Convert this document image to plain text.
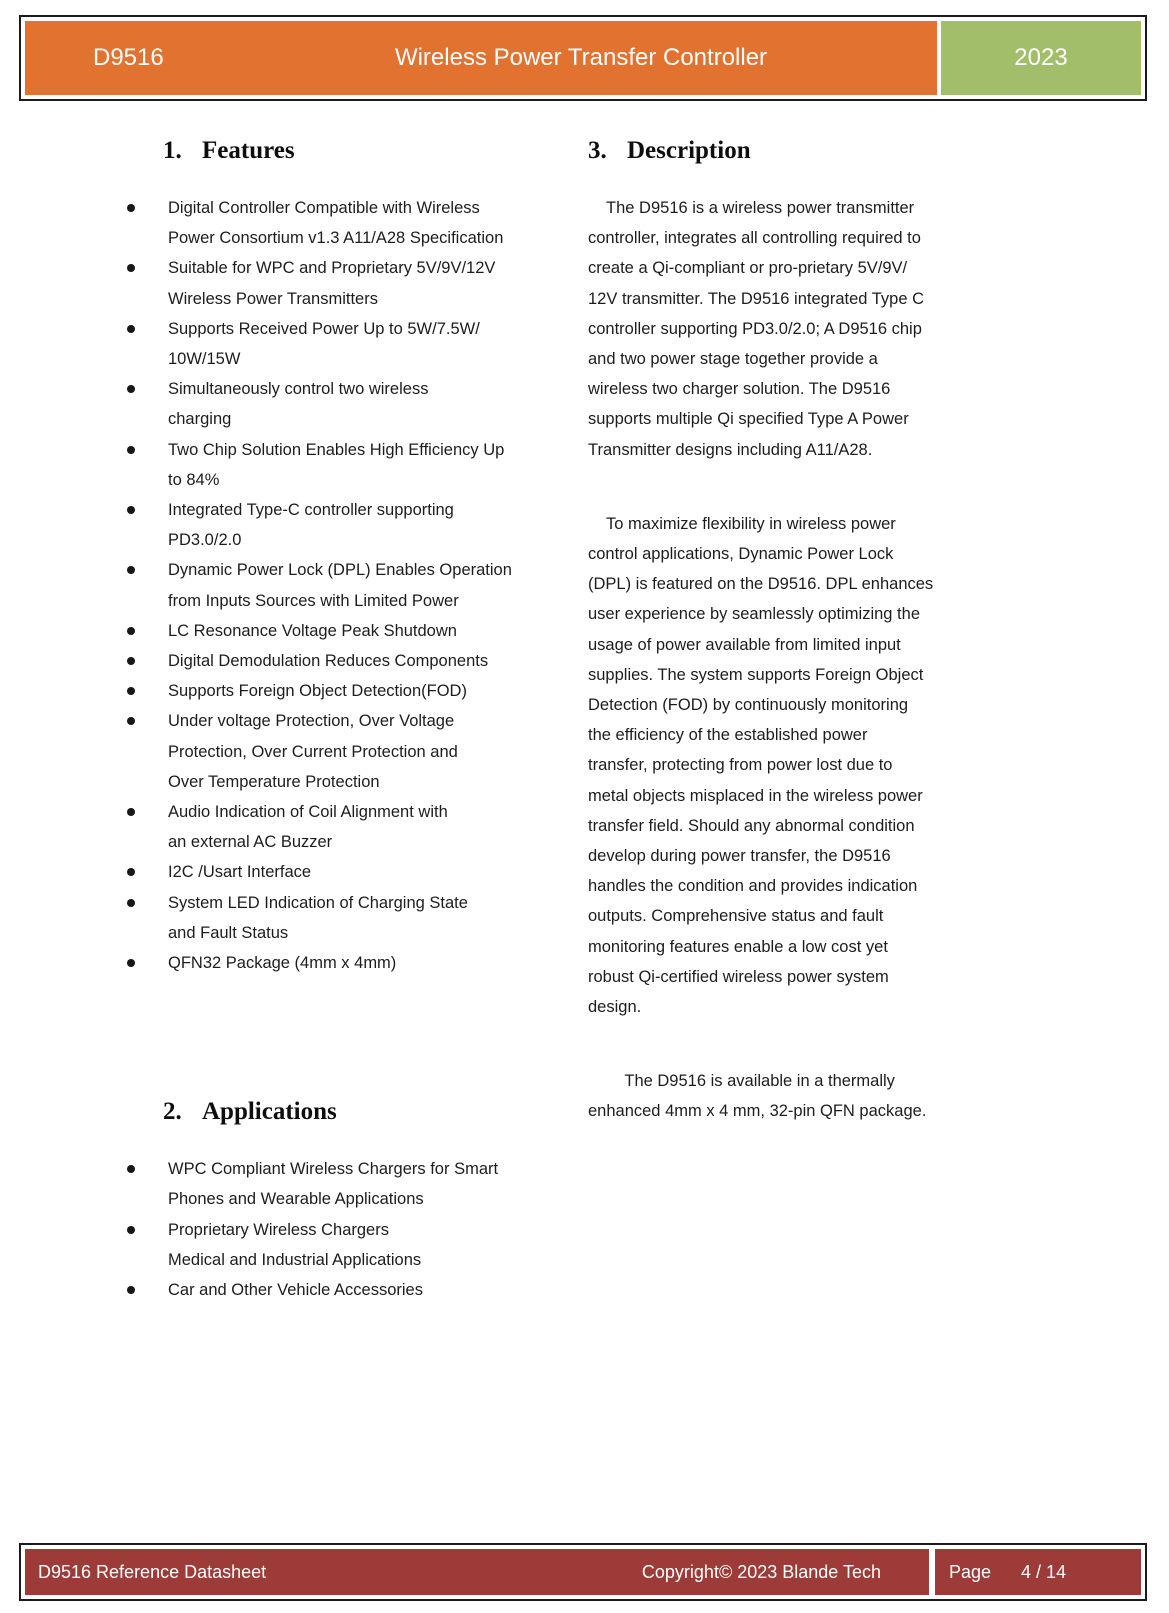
D9516	2023
Wireless Power Transfer Controller
1. Features
Digital Controller Compatible with Wireless
Power Consortium v1.3 A11/A28 Specification
Suitable for WPC and Proprietary 5V/9V/12V
Wireless Power Transmitters
Supports Received Power Up to 5W/7.5W/
10W/15W
Simultaneously control two wireless
charging
Two Chip Solution Enables High Efficiency Up
to 84%
Integrated Type-C controller supporting
PD3.0/2.0
Dynamic Power Lock (DPL) Enables Operation
from Inputs Sources with Limited Power
LC Resonance Voltage Peak Shutdown
Digital Demodulation Reduces Components
Supports Foreign Object Detection(FOD)
Under voltage Protection, Over Voltage
Protection, Over Current Protection and
Over Temperature Protection
Audio Indication of Coil Alignment with
an external AC Buzzer
I2C /Usart Interface
System LED Indication of Charging State
and Fault Status
QFN32 Package (4mm x 4mm)
2. Applications
WPC Compliant Wireless Chargers for Smart
Phones and Wearable Applications
Proprietary Wireless Chargers
Medical and Industrial Applications
Car and Other Vehicle Accessories
3. Description
The D9516 is a wireless power transmitter
controller, integrates all controlling required to
create a Qi-compliant or pro-prietary 5V/9V/
12V transmitter. The D9516 integrated Type C
controller supporting PD3.0/2.0; A D9516 chip
and two power stage together provide a
wireless two charger solution. The D9516
supports multiple Qi specified Type A Power
Transmitter designs including A11/A28.
To maximize flexibility in wireless power
control applications, Dynamic Power Lock
(DPL) is featured on the D9516. DPL enhances
user experience by seamlessly optimizing the
usage of power available from limited input
supplies. The system supports Foreign Object
Detection (FOD) by continuously monitoring
the efficiency of the established power
transfer, protecting from power lost due to
metal objects misplaced in the wireless power
transfer field. Should any abnormal condition
develop during power transfer, the D9516
handles the condition and provides indication
outputs. Comprehensive status and fault
monitoring features enable a low cost yet
robust Qi-certified wireless power system
design.
The D9516 is available in a thermally
enhanced 4mm x 4 mm, 32-pin QFN package.
D9516 Reference Datasheet	Copyright© 2023 Blande Tech	Page 4 / 14
